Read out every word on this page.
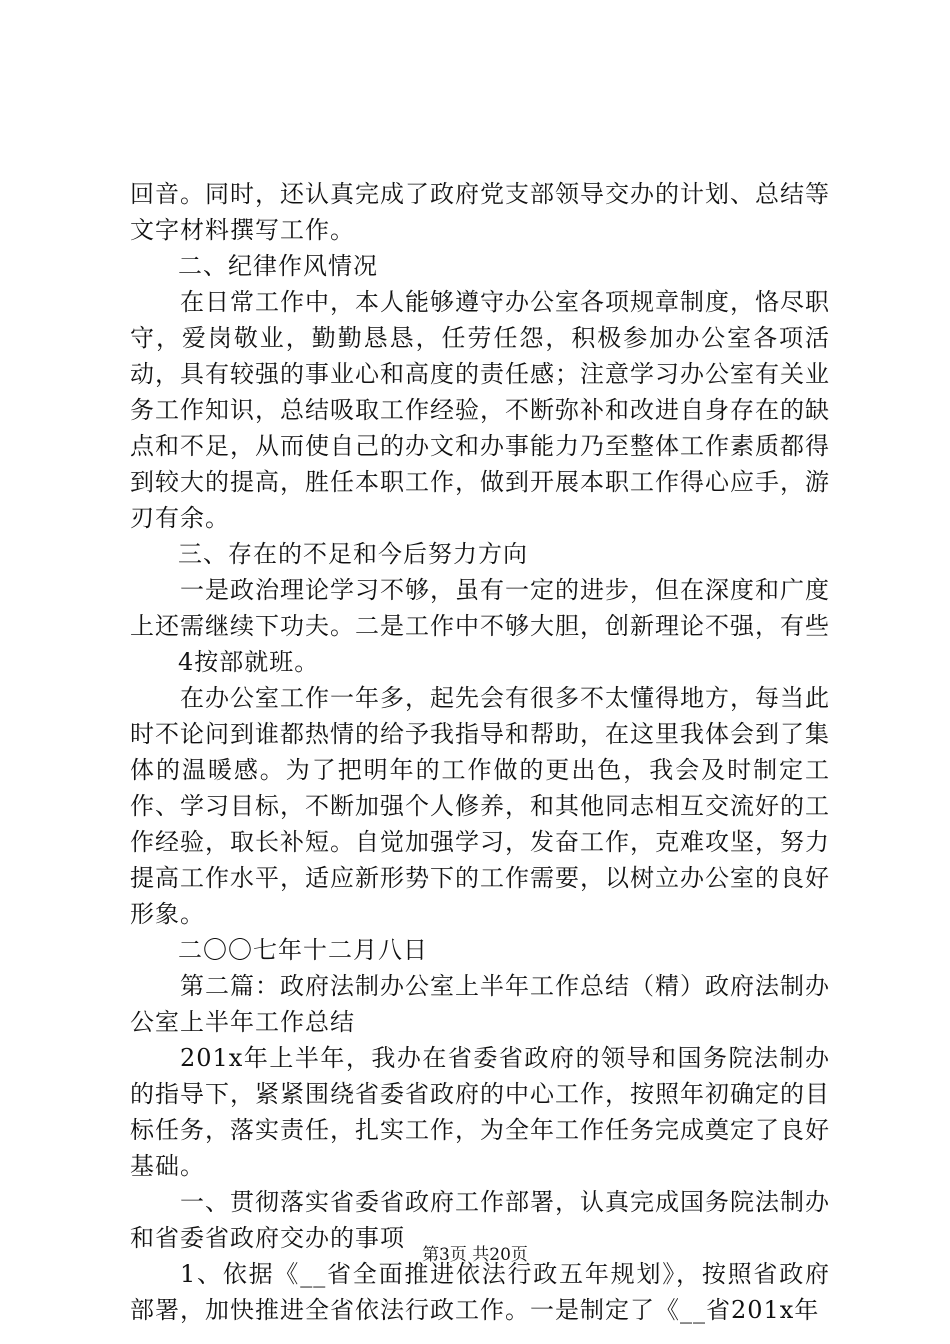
回音。同时，还认真完成了政府党支部领导交办的计划、总结等文字材料撰写工作。

二、纪律作风情况

在日常工作中，本人能够遵守办公室各项规章制度，恪尽职守，爱岗敬业，勤勤恳恳，任劳任怨，积极参加办公室各项活动，具有较强的事业心和高度的责任感；注意学习办公室有关业务工作知识，总结吸取工作经验，不断弥补和改进自身存在的缺点和不足，从而使自己的办文和办事能力乃至整体工作素质都得到较大的提高，胜任本职工作，做到开展本职工作得心应手，游刃有余。

三、存在的不足和今后努力方向

一是政治理论学习不够，虽有一定的进步，但在深度和广度上还需继续下功夫。二是工作中不够大胆，创新理论不强，有些

4按部就班。

在办公室工作一年多，起先会有很多不太懂得地方，每当此时不论问到谁都热情的给予我指导和帮助，在这里我体会到了集体的温暖感。为了把明年的工作做的更出色，我会及时制定工作、学习目标，不断加强个人修养，和其他同志相互交流好的工作经验，取长补短。自觉加强学习，发奋工作，克难攻坚，努力提高工作水平，适应新形势下的工作需要，以树立办公室的良好形象。

二〇〇七年十二月八日

第二篇：政府法制办公室上半年工作总结（精）政府法制办公室上半年工作总结

201x年上半年，我办在省委省政府的领导和国务院法制办的指导下，紧紧围绕省委省政府的中心工作，按照年初确定的目标任务，落实责任，扎实工作，为全年工作任务完成奠定了良好基础。

一、贯彻落实省委省政府工作部署，认真完成国务院法制办和省委省政府交办的事项

1、依据《__省全面推进依法行政五年规划》，按照省政府部署，加快推进全省依法行政工作。一是制定了《__省201x年

第3页 共20页
